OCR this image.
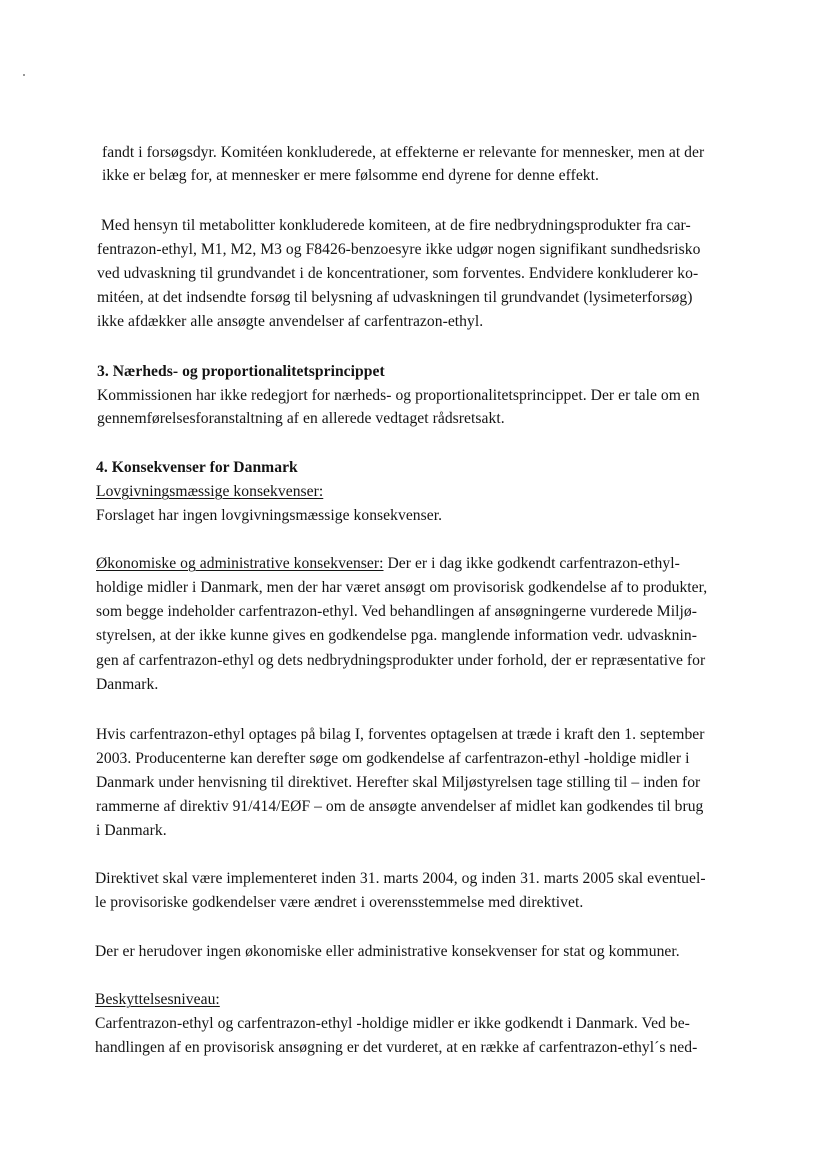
fandt i forsøgsdyr. Komitéen konkluderede, at effekterne er relevante for mennesker, men at der
ikke er belæg for, at mennesker er mere følsomme end dyrene for denne effekt.
Med hensyn til metabolitter konkluderede komiteen, at de fire nedbrydningsprodukter fra car-
fentrazon-ethyl, M1, M2, M3 og F8426-benzoesyre ikke udgør nogen signifikant sundhedsrisko
ved udvaskning til grundvandet i de koncentrationer, som forventes. Endvidere konkluderer ko-
mitéen, at det indsendte forsøg til belysning af udvaskningen til grundvandet (lysimeterforsøg)
ikke afdækker alle ansøgte anvendelser af carfentrazon-ethyl.
3. Nærheds- og proportionalitetsprincippet
Kommissionen har ikke redegjort for nærheds- og proportionalitetsprincippet. Der er tale om en
gennemførelsesforanstaltning af en allerede vedtaget rådsretsakt.
4. Konsekvenser for Danmark
Lovgivningsmæssige konsekvenser:
Forslaget har ingen lovgivningsmæssige konsekvenser.
Økonomiske og administrative konsekvenser: Der er i dag ikke godkendt carfentrazon-ethyl-
holdige midler i Danmark, men der har været ansøgt om provisorisk godkendelse af to produkter,
som begge indeholder carfentrazon-ethyl. Ved behandlingen af ansøgningerne vurderede Miljø-
styrelsen, at der ikke kunne gives en godkendelse pga. manglende information vedr. udvasknin-
gen af carfentrazon-ethyl og dets nedbrydningsprodukter under forhold, der er repræsentative for
Danmark.
Hvis carfentrazon-ethyl optages på bilag I, forventes optagelsen at træde i kraft den 1. september
2003. Producenterne kan derefter søge om godkendelse af carfentrazon-ethyl -holdige midler i
Danmark under henvisning til direktivet. Herefter skal Miljøstyrelsen tage stilling til – inden for
rammerne af direktiv 91/414/EØF – om de ansøgte anvendelser af midlet kan godkendes til brug
i Danmark.
Direktivet skal være implementeret inden 31. marts 2004, og inden 31. marts 2005 skal eventuel-
le provisoriske godkendelser være ændret i overensstemmelse med direktivet.
Der er herudover ingen økonomiske eller administrative konsekvenser for stat og kommuner.
Beskyttelsesniveau:
Carfentrazon-ethyl og carfentrazon-ethyl -holdige midler er ikke godkendt i Danmark. Ved be-
handlingen af en provisorisk ansøgning er det vurderet, at en række af carfentrazon-ethyl´s ned-
